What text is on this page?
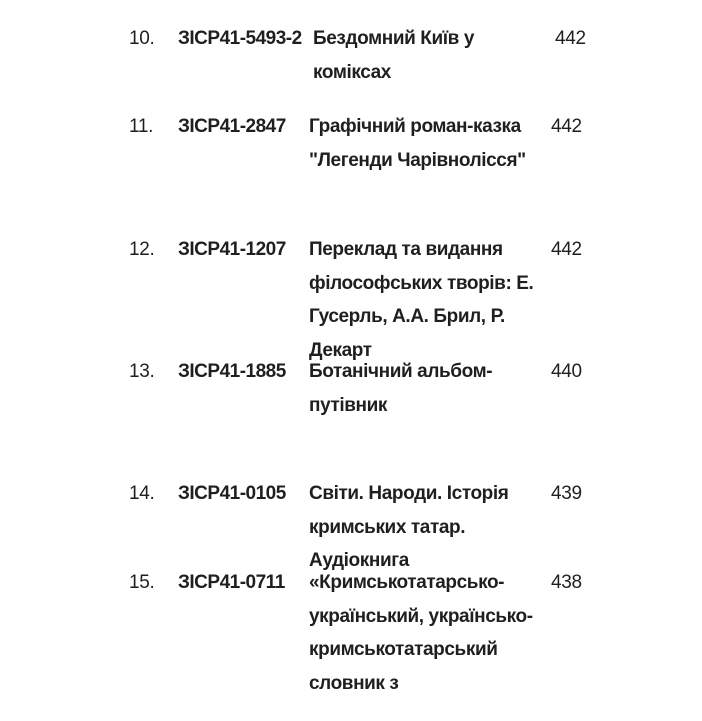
10. ЗІСР41-5493-2 Бездомний Київ у коміксах
442
11. ЗІСР41-2847 Графічний роман-казка "Легенди Чарівнолісся"
442
12. ЗІСР41-1207 Переклад та видання філософських творів: Е. Гусерль, А.А. Брил, Р. Декарт
442
13. ЗІСР41-1885 Ботанічний альбом-путівник
440
14. ЗІСР41-0105 Світи. Народи. Історія кримських татар. Аудіокнига
439
15. ЗІСР41-0711 «Кримськотатарсько-український, українсько-кримськотатарський словник з
438
